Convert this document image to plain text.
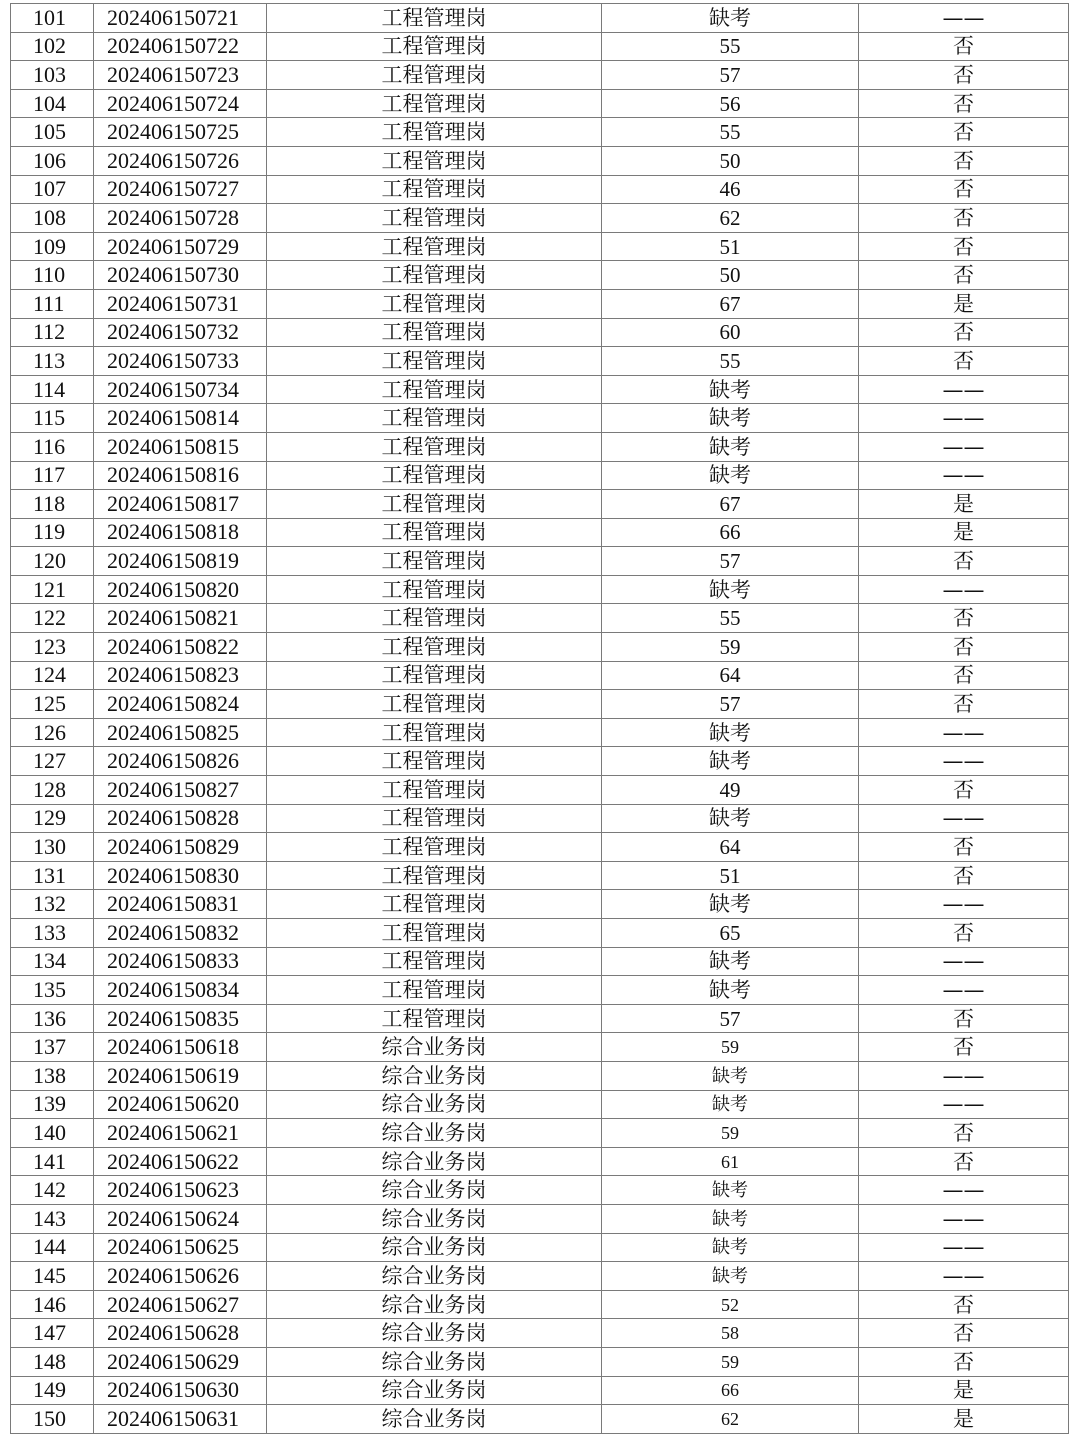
101	202406150721	工程管理岗	缺考	——
102	202406150722	工程管理岗	55	否
103	202406150723	工程管理岗	57	否
104	202406150724	工程管理岗	56	否
105	202406150725	工程管理岗	55	否
106	202406150726	工程管理岗	50	否
107	202406150727	工程管理岗	46	否
108	202406150728	工程管理岗	62	否
109	202406150729	工程管理岗	51	否
110	202406150730	工程管理岗	50	否
111	202406150731	工程管理岗	67	是
112	202406150732	工程管理岗	60	否
113	202406150733	工程管理岗	55	否
114	202406150734	工程管理岗	缺考	——
115	202406150814	工程管理岗	缺考	——
116	202406150815	工程管理岗	缺考	——
117	202406150816	工程管理岗	缺考	——
118	202406150817	工程管理岗	67	是
119	202406150818	工程管理岗	66	是
120	202406150819	工程管理岗	57	否
121	202406150820	工程管理岗	缺考	——
122	202406150821	工程管理岗	55	否
123	202406150822	工程管理岗	59	否
124	202406150823	工程管理岗	64	否
125	202406150824	工程管理岗	57	否
126	202406150825	工程管理岗	缺考	——
127	202406150826	工程管理岗	缺考	——
128	202406150827	工程管理岗	49	否
129	202406150828	工程管理岗	缺考	——
130	202406150829	工程管理岗	64	否
131	202406150830	工程管理岗	51	否
132	202406150831	工程管理岗	缺考	——
133	202406150832	工程管理岗	65	否
134	202406150833	工程管理岗	缺考	——
135	202406150834	工程管理岗	缺考	——
136	202406150835	工程管理岗	57	否
137	202406150618	综合业务岗	59	否
138	202406150619	综合业务岗	缺考	——
139	202406150620	综合业务岗	缺考	——
140	202406150621	综合业务岗	59	否
141	202406150622	综合业务岗	61	否
142	202406150623	综合业务岗	缺考	——
143	202406150624	综合业务岗	缺考	——
144	202406150625	综合业务岗	缺考	——
145	202406150626	综合业务岗	缺考	——
146	202406150627	综合业务岗	52	否
147	202406150628	综合业务岗	58	否
148	202406150629	综合业务岗	59	否
149	202406150630	综合业务岗	66	是
150	202406150631	综合业务岗	62	是
